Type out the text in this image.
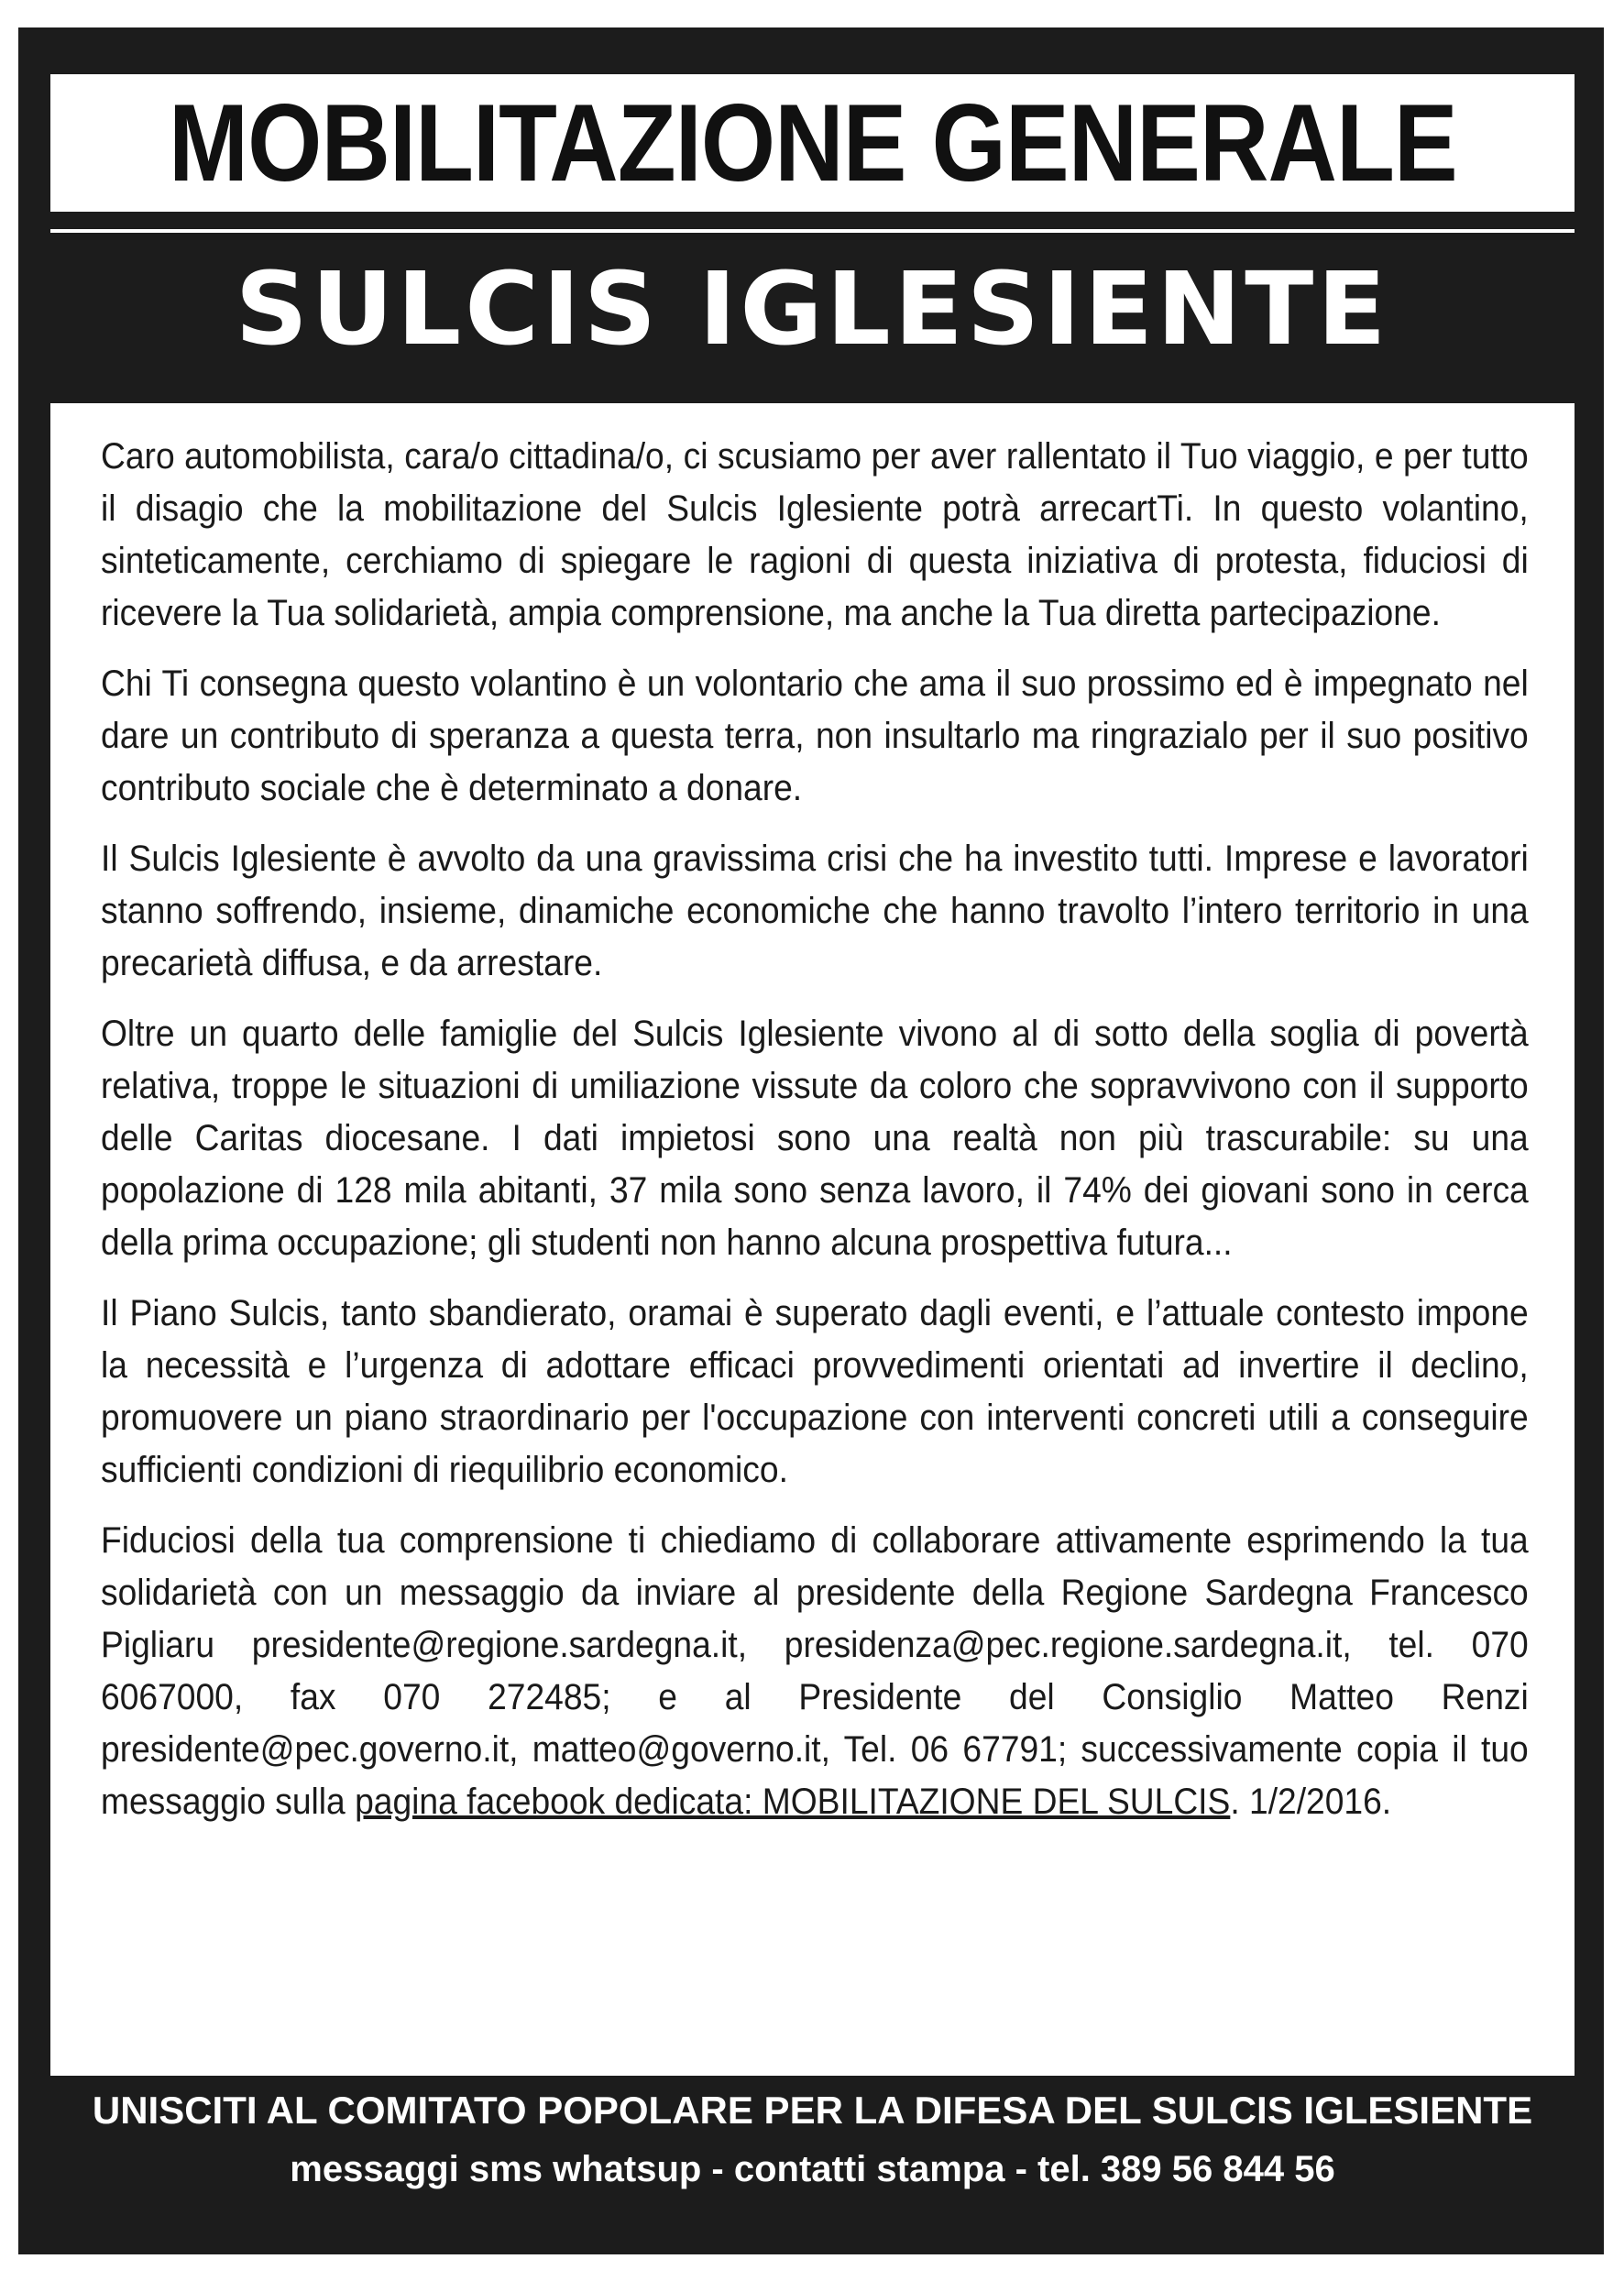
MOBILITAZIONE GENERALE
SULCIS IGLESIENTE

Caro automobilista, cara/o cittadina/o, ci scusiamo per aver rallentato il Tuo viaggio, e per tutto il disagio che la mobilitazione del Sulcis Iglesiente potrà arrecartTi. In questo volantino, sinteticamente, cerchiamo di spiegare le ragioni di questa iniziativa di protesta, fiduciosi di ricevere la Tua solidarietà, ampia comprensione, ma anche la Tua diretta partecipazione.

Chi Ti consegna questo volantino è un volontario che ama il suo prossimo ed è impegnato nel dare un contributo di speranza a questa terra, non insultarlo ma ringrazialo per il suo positivo contributo sociale che è determinato a donare.

Il Sulcis Iglesiente è avvolto da una gravissima crisi che ha investito tutti. Imprese e lavoratori stanno soffrendo, insieme, dinamiche economiche che hanno travolto l’intero territorio in una precarietà diffusa, e da arrestare.

Oltre un quarto delle famiglie del Sulcis Iglesiente vivono al di sotto della soglia di povertà relativa, troppe le situazioni di umiliazione vissute da coloro che sopravvivono con il supporto delle Caritas diocesane. I dati impietosi sono una realtà non più trascurabile: su una popolazione di 128 mila abitanti, 37 mila sono senza lavoro, il 74% dei giovani sono in cerca della prima occupazione; gli studenti non hanno alcuna prospettiva futura...

Il Piano Sulcis, tanto sbandierato, oramai è superato dagli eventi, e l’attuale contesto impone la necessità e l’urgenza di adottare efficaci provvedimenti orientati ad invertire il declino, promuovere un piano straordinario per l'occupazione con interventi concreti utili a conseguire sufficienti condizioni di riequilibrio economico.

Fiduciosi della tua comprensione ti chiediamo di collaborare attivamente esprimendo la tua solidarietà con un messaggio da inviare al presidente della Regione Sardegna Francesco Pigliaru presidente@regione.sardegna.it, presidenza@pec.regione.sardegna.it, tel. 070 6067000, fax 070 272485; e al Presidente del Consiglio Matteo Renzi presidente@pec.governo.it, matteo@governo.it, Tel. 06 67791; successivamente copia il tuo messaggio sulla pagina facebook dedicata: MOBILITAZIONE DEL SULCIS. 1/2/2016.

UNISCITI AL COMITATO POPOLARE PER LA DIFESA DEL SULCIS IGLESIENTE
messaggi sms whatsup - contatti stampa - tel. 389 56 844 56
